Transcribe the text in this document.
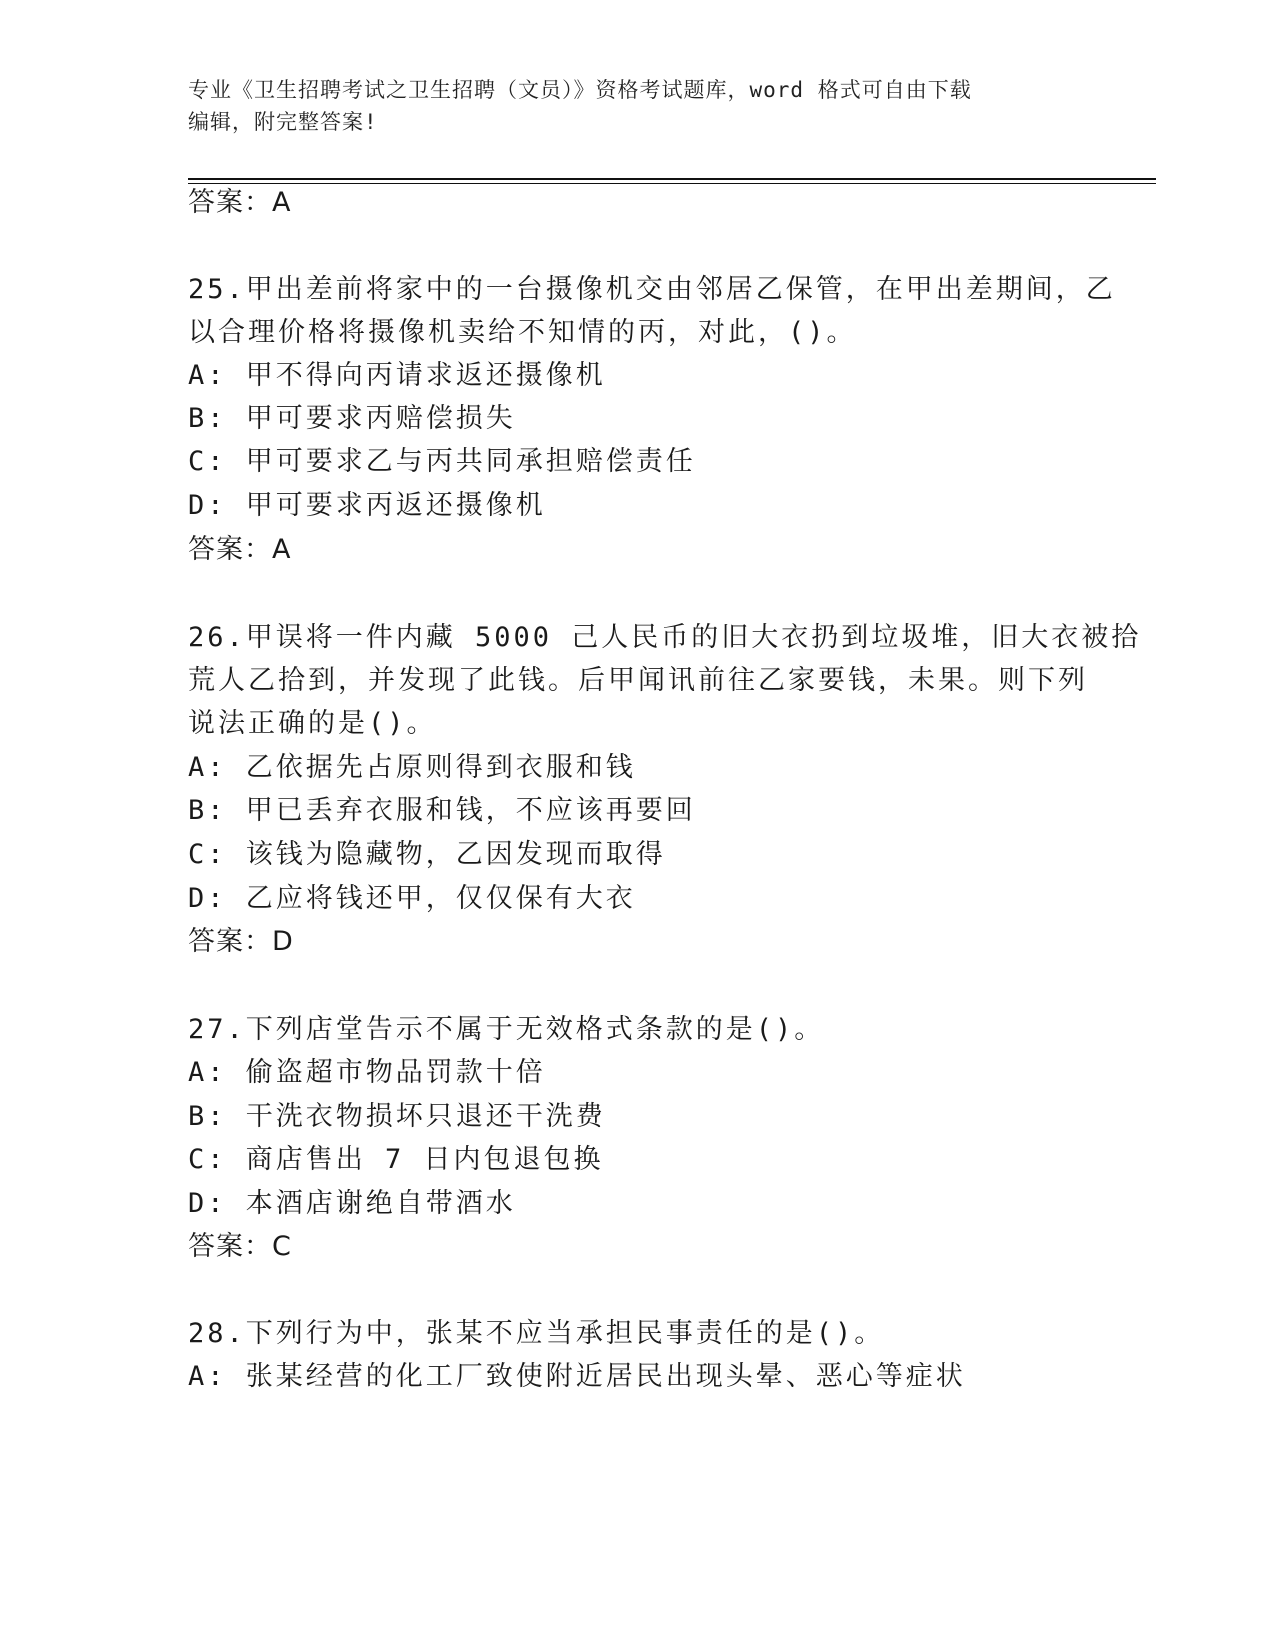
专业《卫生招聘考试之卫生招聘（文员）》资格考试题库，word 格式可自由下载
编辑，附完整答案!
答案：A
25.甲出差前将家中的一台摄像机交由邻居乙保管，在甲出差期间，乙
以合理价格将摄像机卖给不知情的丙，对此，()。
A: 甲不得向丙请求返还摄像机
B: 甲可要求丙赔偿损失
C: 甲可要求乙与丙共同承担赔偿责任
D: 甲可要求丙返还摄像机
答案：A
26.甲误将一件内藏 5000 己人民币的旧大衣扔到垃圾堆，旧大衣被拾
荒人乙拾到，并发现了此钱。后甲闻讯前往乙家要钱，未果。则下列
说法正确的是()。
A: 乙依据先占原则得到衣服和钱
B: 甲已丢弃衣服和钱，不应该再要回
C: 该钱为隐藏物，乙因发现而取得
D: 乙应将钱还甲，仅仅保有大衣
答案：D
27.下列店堂告示不属于无效格式条款的是()。
A: 偷盗超市物品罚款十倍
B: 干洗衣物损坏只退还干洗费
C: 商店售出 7 日内包退包换
D: 本酒店谢绝自带酒水
答案：C
28.下列行为中，张某不应当承担民事责任的是()。
A: 张某经营的化工厂致使附近居民出现头晕、恶心等症状
